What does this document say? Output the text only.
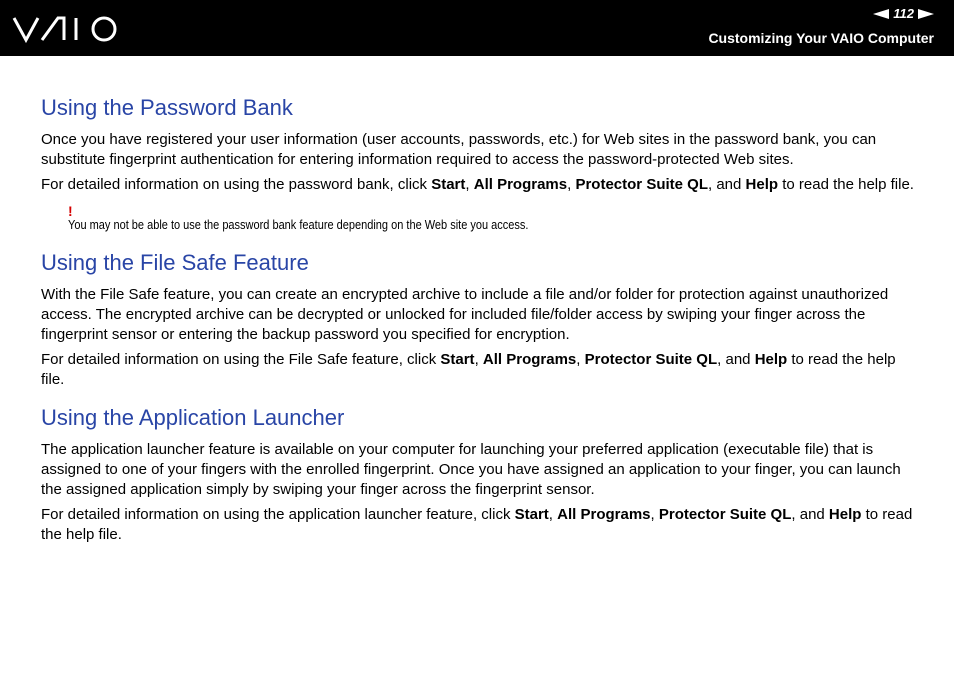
112
Customizing Your VAIO Computer
Using the Password Bank

Once you have registered your user information (user accounts, passwords, etc.) for Web sites in the password bank, you can substitute fingerprint authentication for entering information required to access the password-protected Web sites.

For detailed information on using the password bank, click Start, All Programs, Protector Suite QL, and Help to read the help file.

!
You may not be able to use the password bank feature depending on the Web site you access.
Using the File Safe Feature

With the File Safe feature, you can create an encrypted archive to include a file and/or folder for protection against unauthorized access. The encrypted archive can be decrypted or unlocked for included file/folder access by swiping your finger across the fingerprint sensor or entering the backup password you specified for encryption.

For detailed information on using the File Safe feature, click Start, All Programs, Protector Suite QL, and Help to read the help file.

Using the Application Launcher

The application launcher feature is available on your computer for launching your preferred application (executable file) that is assigned to one of your fingers with the enrolled fingerprint. Once you have assigned an application to your finger, you can launch the assigned application simply by swiping your finger across the fingerprint sensor.

For detailed information on using the application launcher feature, click Start, All Programs, Protector Suite QL, and Help to read the help file.
